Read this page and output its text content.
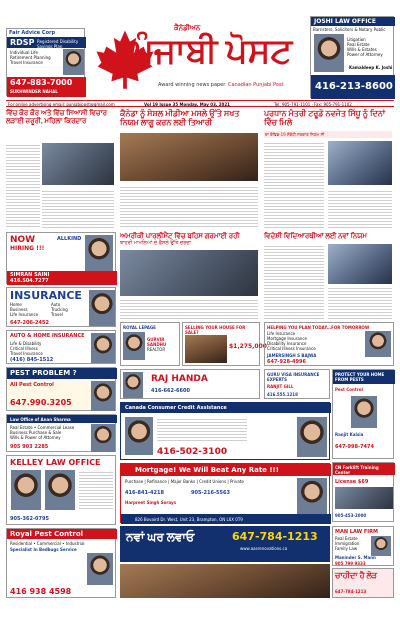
Fair Advice Corp
RDSP Registered Disability Savings Plan
Individual Life
Retirement Planning
Travel Insurance
647-883-7000
SUKHWINDER NAHAL
ਕੈਨੇਡੀਅਨ
ਪੰਜਾਬੀ ਪੋਸਟ
Award winning news paper Canadian Punjabi Post
JOSHI LAW OFFICE
Barristers, Solicitors & Notary Public
Litigation
Real Estate
Wills & Estates
Power of Attorney
Kamaldeep K. Joshi
416-213-8600
For online advertising email: punjabipost@gmail.com	Vol 19 Issue 35 Monday, May 03, 2021	Tel: 905-791-1101 · Fax: 905-791-1102
ਵਿੱਚ ਕੌਰ ਕੌਰ ਅਤੇ ਵਿੱਚ ਸਿਆਸੀ ਵਿਚਾਰ ਲੜਾਈ ਜ਼ਰੂਰੀ, ਮਹਿਲਾ ਕਿਰਦਾਰ
ਕੈਨੇਡਾ ਨੂੰ ਸੋਸ਼ਲ ਮੀਡੀਆ ਮਸਲੇ ਉੱਤੇ ਸਖਤ ਨਿਯਮ ਲਾਗੂ ਕਰਨ ਲਈ ਤਿਆਰੀ
ਪ੍ਰਧਾਨ ਮੰਤਰੀ ਟਰੂਡੋ ਨਵਜੋਤ ਸਿੱਧੂ ਨੂੰ ਦਿਨਾਂ ਵਿੱਚ ਮਿਲੇ
ਦਾ ਕੋਵਿਡ-19 ਸੰਬੰਧੀ ਸਰਕਾਰ ਨਿਯਮ ਸੀ
NOW
HIRING !!!
ALLKIND
SIMRAN SAINI
416.504.7277
INSURANCE
Home
Business
Life Insurance
Auto
Trucking
Travel
647-206-2452
AUTO & HOME INSURANCE
Life & Disability
Critical Illness
Travel Insurance
(416) 845-1512
PEST PROBLEM ?
All Pest Control
647.990.3205
Law Office of Anan Sharma
Real Estate • Commercial Lease
Business Purchase & Sale
Wills & Power of Attorney
905 903 2285
KELLEY LAW OFFICE
905-362-0795
Royal Pest Control
Residential • Commercial • Industrial
Specialist In Bedbugs Service
416 938 4598
ਅਮਰੀਕੀ ਪਾਰਲੀਮੈਂਟ ਵਿੱਚ ਬਹਿਸ ਗਰਮਾਈ ਰਹੀ
ਬਾਹਰੀ ਮਾਮਲਿਆਂ ਦੇ ਫ਼ੈਸਲੇ ਉੱਤੇ ਚਰਚਾ
ROYAL LEPAGE
GURVIR SANDHU
REALTOR
SELLING YOUR HOUSE FOR SALE?
$1,275,000
RAJ HANDA
416-662-6600
Canada Consumer Credit Assistance
416-502-3100
Mortgage! We Will Beat Any Rate !!!
Purchase | Refinance | Major Banks | Credit Unions | Private
416-841-4218	905-216-5563
Harpreet Singh Sorays
826 Bovaird Dr. West, Unit 23, Brampton, ON L6X 0T9
ਨਵਾਂ ਘਰ ਲਵਾਓ	647-784-1213
www.aasrenovations.ca
ਵਿਦੇਸ਼ੀ ਵਿਦਿਆਰਥੀਆਂ ਲਈ ਨਵਾਂ ਨਿਯਮ
HELPING YOU PLAN TODAY...FOR TOMORROW
Life Insurance
Mortgage Insurance
Disability Insurance
Critical Illness Insurance
JAMERSINGH S BAJWA
647-928-4996
GURU VISA INSURANCE EXPERTS
RANJIT GILL
416.555.1218
PROTECT YOUR HOME FROM PESTS
Pest Control
Ranjit Kalsia
647-998-7474
CN Forklift Training Center
License $69
905-453-2000
MAN LAW FIRM
Real Estate
Immigration
Family Law
Maninder S. Mann
905 799 9333
ਚਾਹੀਦਾ ਹੈ ਲੋੜ
647-784-1213
